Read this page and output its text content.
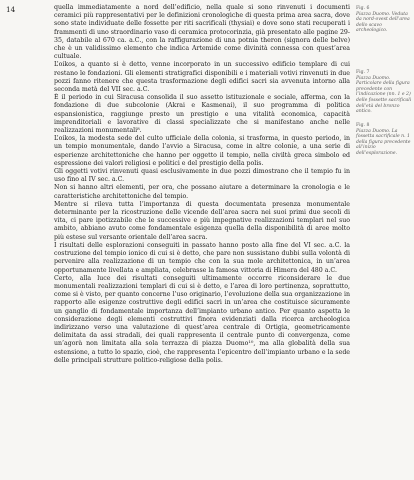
14	quella immediatamente a nord dell’edificio, nella quale si sono rinvenuti i documenti ceramici più rappresentativi per le definizioni cronologiche di questa prima area sacra, dove sono state individuate delle fossette per riti sacrificali (thysiai) e dove sono stati recuperati i frammenti di uno straordinario vaso di ceramica protocorinzia, già presentato alle pagine 29-35, databile al 670 ca. a.C., con la raffigurazione di una potnia theron (signora delle belve) che è un validissimo elemento che indica Artemide come divinità connessa con quest’area cultuale.

L’oikos, a quanto si è detto, venne incorporato in un successivo edificio templare di cui restano le fondazioni. Gli elementi stratigrafici disponibili e i materiali votivi rinvenuti in due pozzi fanno ritenere che questa trasformazione degli edifici sacri sia avvenuta intorno alla seconda metà del VII sec. a.C.

È il periodo in cui Siracusa consolida il suo assetto istituzionale e sociale, afferma, con la fondazione di due subcolonie (Akrai e Kasmenai), il suo programma di politica espansionistica, raggiunge presto un prestigio e una vitalità economica, capacità imprenditoriali e lavorative di classi specializzate che si manifestano anche nelle realizzazioni monumentali⁸.

L’oikos, la modesta sede del culto ufficiale della colonia, si trasforma, in questo periodo, in un tempio monumentale, dando l’avvio a Siracusa, come in altre colonie, a una serie di esperienze architettoniche che hanno per oggetto il tempio, nella civiltà greca simbolo ed espressione dei valori religiosi e politici e del prestigio della polis.

Gli oggetti votivi rinvenuti quasi esclusivamente in due pozzi dimostrano che il tempio fu in uso fino al IV sec. a.C.

Non si hanno altri elementi, per ora, che possano aiutare a determinare la cronologia e le caratteristiche architettoniche del tempio.

Mentre si rileva tutta l’importanza di questa documentata presenza monumentale determinante per la ricostruzione delle vicende dell’area sacra nei suoi primi due secoli di vita, ci pare ipotizzabile che le successive e più impegnative realizzazioni templari nel suo ambito, abbiano avuto come fondamentale esigenza quella della disponibilità di aree molto più estese sul versante orientale dell’area sacra.

I risultati delle esplorazioni conseguiti in passato hanno posto alla fine del VI sec. a.C. la costruzione del tempio ionico di cui si è detto, che pare non sussistano dubbi sulla volontà di pervenire alla realizzazione di un tempio che con la sua mole architettonica, in un’area opportunamente livellata e ampliata, celebrasse la famosa vittoria di Himera del 480 a.C.

Certo, alla luce dei risultati conseguiti ultimamente occorre riconsiderare le due monumentali realizzazioni templari di cui si è detto, e l’area di loro pertinenza, soprattutto, come si è visto, per quanto concerne l’uso originario, l’evoluzione della sua organizzazione in rapporto alle esigenze costruttive degli edifici sacri in un’area che costituisce sicuramente un ganglio di fondamentale importanza dell’impianto urbano antico. Per quanto aspetta le considerazione degli elementi costruttivi finora evidenziati dalla ricerca archeologica indirizzano verso una valutazione di quest’area centrale di Ortigia, geometricamente delimitata da assi stradali, dei quali rappresenta il centrale punto di convergenza, come un’agorà non limitata alla sola terrazza di piazza Duomo¹⁰, ma alla globalità della sua estensione, a tutto lo spazio, cioè, che rappresenta l’epicentro dell’impianto urbano e la sede delle principali strutture politico-religiose della polis.

Fig. 6
Piazza Duomo. Veduta da nord-ovest dell’area dello scavo archeologico.
Fig. 7
Piazza Duomo. Particolare della figura precedente con l’indicazione (nn. 1 e 2) delle fossette sacrificali dell’età del bronzo antico.
Fig. 8
Piazza Duomo. La fossetta sacrificale n. 1 della figura precedente all’inizio dell’esplorazione.
